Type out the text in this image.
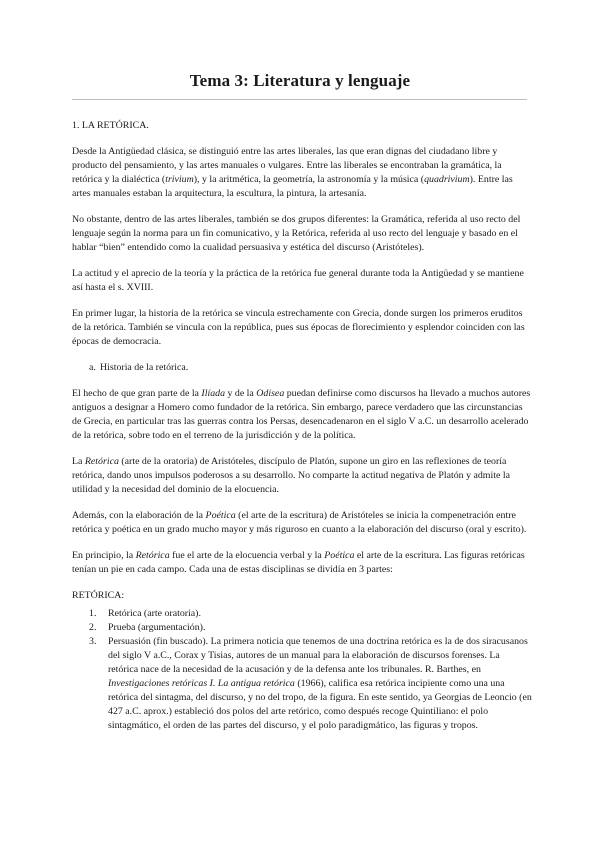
Tema 3: Literatura y lenguaje
1. LA RETÓRICA.

Desde la Antigüedad clásica, se distinguió entre las artes liberales, las que eran dignas del ciudadano libre y producto del pensamiento, y las artes manuales o vulgares. Entre las liberales se encontraban la gramática, la retórica y la dialéctica (trivium), y la aritmética, la geometría, la astronomía y la música (quadrivium). Entre las artes manuales estaban la arquitectura, la escultura, la pintura, la artesanía.

No obstante, dentro de las artes liberales, también se dos grupos diferentes: la Gramática, referida al uso recto del lenguaje según la norma para un fin comunicativo, y la Retórica, referida al uso recto del lenguaje y basado en el hablar “bien” entendido como la cualidad persuasiva y estética del discurso (Aristóteles).

La actitud y el aprecio de la teoría y la práctica de la retórica fue general durante toda la Antigüedad y se mantiene así hasta el s. XVIII.

En primer lugar, la historia de la retórica se vincula estrechamente con Grecia, donde surgen los primeros eruditos de la retórica. También se vincula con la república, pues sus épocas de florecimiento y esplendor coinciden con las épocas de democracia.

a. Historia de la retórica.

El hecho de que gran parte de la Ilíada y de la Odisea puedan definirse como discursos ha llevado a muchos autores antiguos a designar a Homero como fundador de la retórica. Sin embargo, parece verdadero que las circunstancias de Grecia, en particular tras las guerras contra los Persas, desencadenaron en el siglo V a.C. un desarrollo acelerado de la retórica, sobre todo en el terreno de la jurisdicción y de la política.

La Retórica (arte de la oratoria) de Aristóteles, discípulo de Platón, supone un giro en las reflexiones de teoría retórica, dando unos impulsos poderosos a su desarrollo. No comparte la actitud negativa de Platón y admite la utilidad y la necesidad del dominio de la elocuencia.

Además, con la elaboración de la Poética (el arte de la escritura) de Aristóteles se inicia la compenetración entre retórica y poética en un grado mucho mayor y más riguroso en cuanto a la elaboración del discurso (oral y escrito).

En principio, la Retórica fue el arte de la elocuencia verbal y la Poética el arte de la escritura. Las figuras retóricas tenían un pie en cada campo. Cada una de estas disciplinas se dividía en 3 partes:

RETÓRICA:
1.	Retórica (arte oratoria).
2.	Prueba (argumentación).
3.	Persuasión (fin buscado). La primera noticia que tenemos de una doctrina retórica es la de dos siracusanos del siglo V a.C., Corax y Tisias, autores de un manual para la elaboración de discursos forenses. La retórica nace de la necesidad de la acusación y de la defensa ante los tribunales. R. Barthes, en Investigaciones retóricas I. La antigua retórica (1966), califica esa retórica incipiente como una una retórica del sintagma, del discurso, y no del tropo, de la figura. En este sentido, ya Georgias de Leoncio (en 427 a.C. aprox.) estableció dos polos del arte retórico, como después recoge Quintiliano: el polo sintagmático, el orden de las partes del discurso, y el polo paradigmático, las figuras y tropos.
